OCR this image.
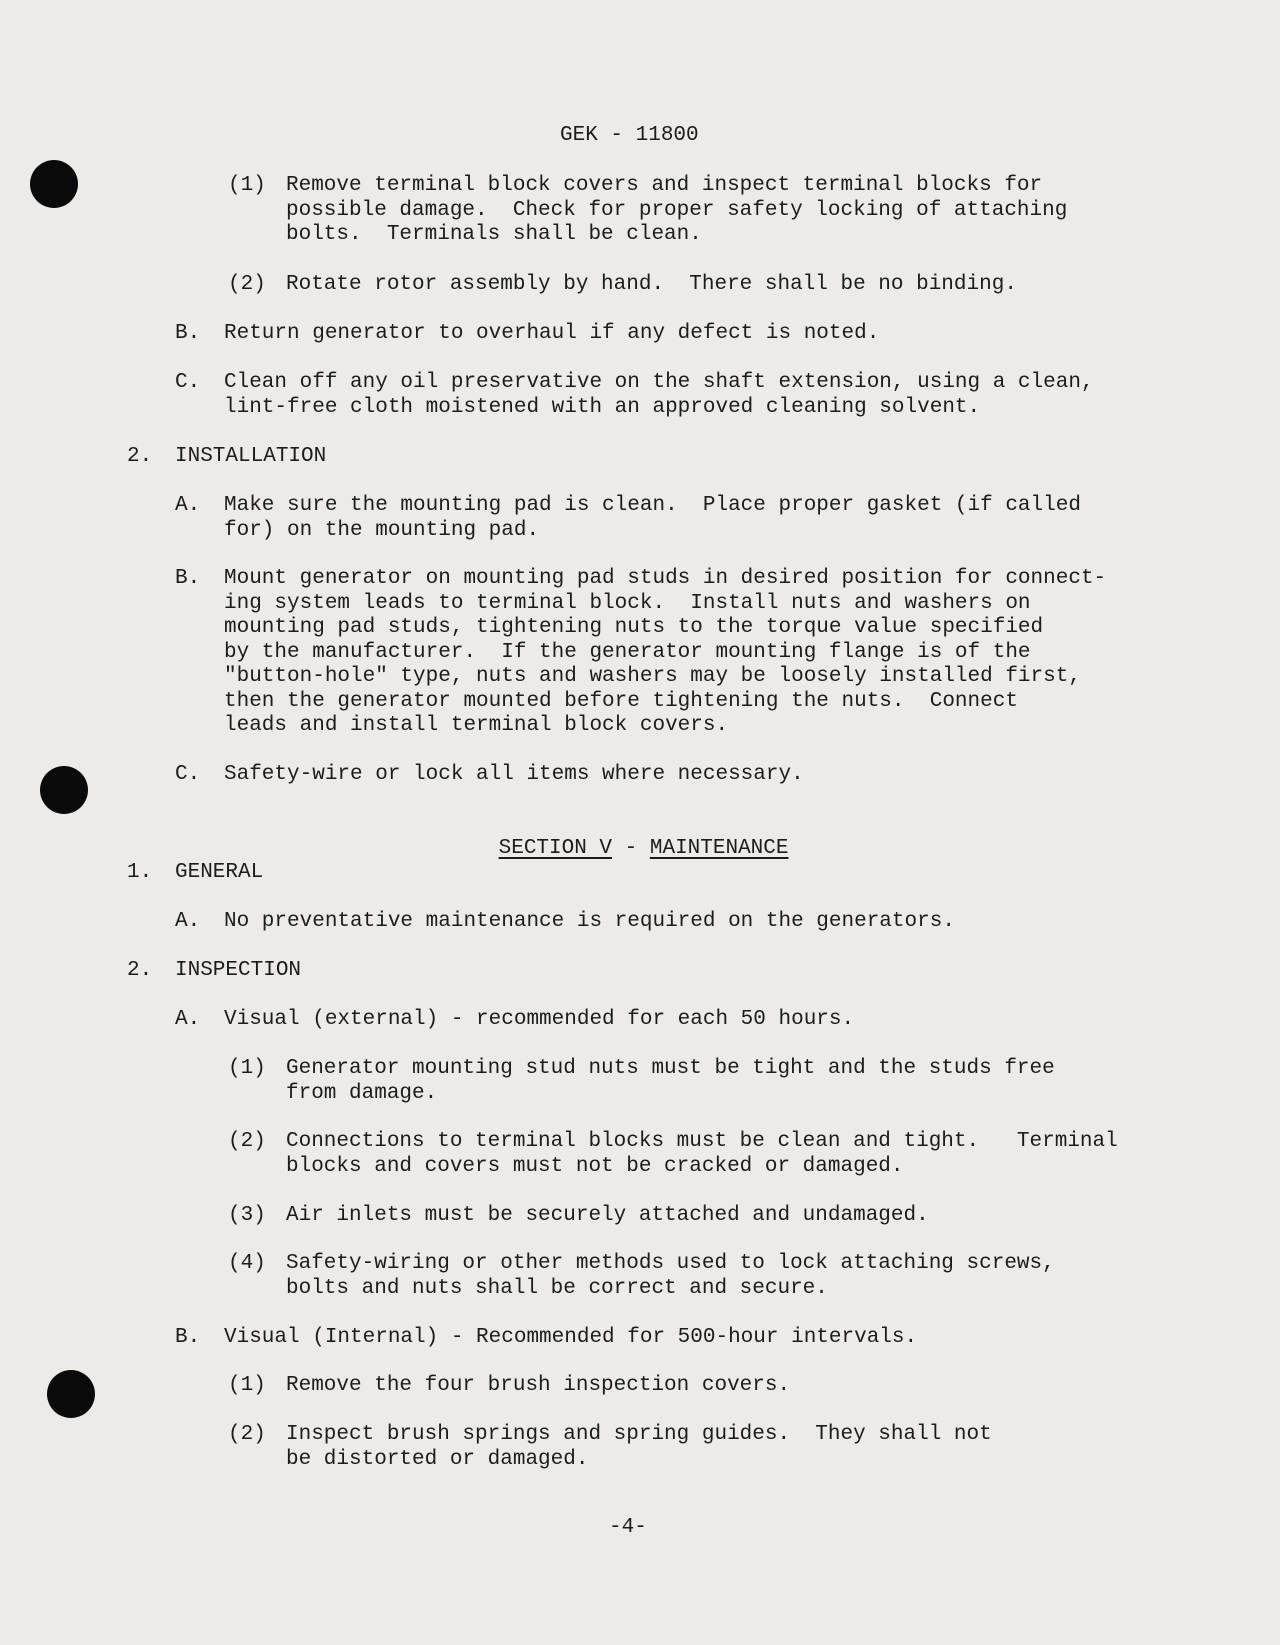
GEK - 11800
(1) Remove terminal block covers and inspect terminal blocks for
possible damage.  Check for proper safety locking of attaching
bolts.  Terminals shall be clean.
(2) Rotate rotor assembly by hand.  There shall be no binding.
B. Return generator to overhaul if any defect is noted.
C. Clean off any oil preservative on the shaft extension, using a clean,
lint-free cloth moistened with an approved cleaning solvent.
2. INSTALLATION
A. Make sure the mounting pad is clean.  Place proper gasket (if called
for) on the mounting pad.
B. Mount generator on mounting pad studs in desired position for connect-
ing system leads to terminal block.  Install nuts and washers on
mounting pad studs, tightening nuts to the torque value specified
by the manufacturer.  If the generator mounting flange is of the
"button-hole" type, nuts and washers may be loosely installed first,
then the generator mounted before tightening the nuts.  Connect
leads and install terminal block covers.
C. Safety-wire or lock all items where necessary.
1. GENERAL
A. No preventative maintenance is required on the generators.
2. INSPECTION
A. Visual (external) - recommended for each 50 hours.
(1) Generator mounting stud nuts must be tight and the studs free
from damage.
(2) Connections to terminal blocks must be clean and tight.   Terminal
blocks and covers must not be cracked or damaged.
(3) Air inlets must be securely attached and undamaged.
(4) Safety-wiring or other methods used to lock attaching screws,
bolts and nuts shall be correct and secure.
B. Visual (Internal) - Recommended for 500-hour intervals.
(1) Remove the four brush inspection covers.
(2) Inspect brush springs and spring guides.  They shall not
be distorted or damaged.

SECTION V - MAINTENANCE

-4-
